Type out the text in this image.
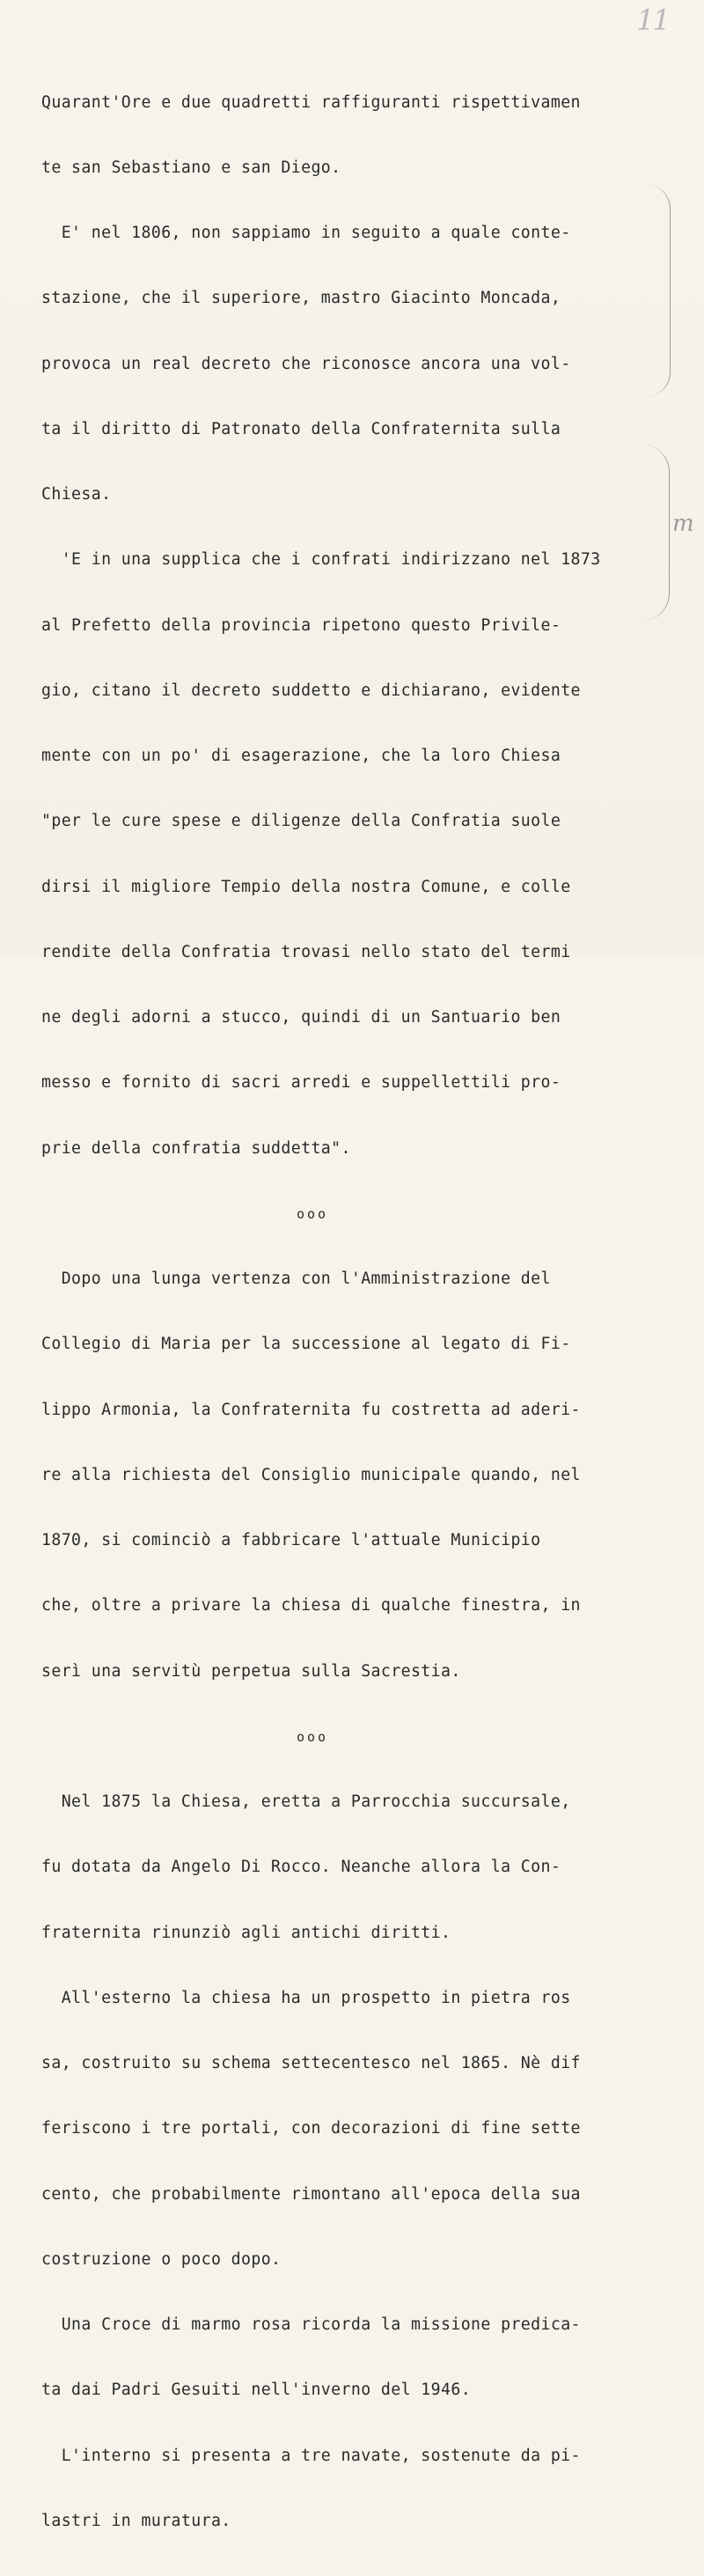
11
m

Quarant'Ore e due quadretti raffiguranti rispettivamen

te san Sebastiano e san Diego.

E' nel 1806, non sappiamo in seguito a quale conte-

stazione, che il superiore, mastro Giacinto Moncada,

provoca un real decreto che riconosce ancora una vol-

ta il diritto di Patronato della Confraternita sulla

Chiesa.

'E in una supplica che i confrati indirizzano nel 1873

al Prefetto della provincia ripetono questo Privile-

gio, citano il decreto suddetto e dichiarano, evidente

mente con un po' di esagerazione, che la loro Chiesa

"per le cure spese e diligenze della Confratia suole

dirsi il migliore Tempio della nostra Comune, e colle

rendite della Confratia trovasi nello stato del termi

ne degli adorni a stucco, quindi di un Santuario ben

messo e fornito di sacri arredi e suppellettili pro-

prie della confratia suddetta".

ooo

Dopo una lunga vertenza con l'Amministrazione del

Collegio di Maria per la successione al legato di Fi-

lippo Armonia, la Confraternita fu costretta ad aderi-

re alla richiesta del Consiglio municipale quando, nel

1870, si cominciò a fabbricare l'attuale Municipio

che, oltre a privare la chiesa di qualche finestra, in

serì una servitù perpetua sulla Sacrestia.

ooo

Nel 1875 la Chiesa, eretta a Parrocchia succursale,

fu dotata da Angelo Di Rocco. Neanche allora la Con-

fraternita rinunziò agli antichi diritti.

All'esterno la chiesa ha un prospetto in pietra ros

sa, costruito su schema settecentesco nel 1865. Nè dif

feriscono i tre portali, con decorazioni di fine sette

cento, che probabilmente rimontano all'epoca della sua

costruzione o poco dopo.

Una Croce di marmo rosa ricorda la missione predica-

ta dai Padri Gesuiti nell'inverno del 1946.

L'interno si presenta a tre navate, sostenute da pi-

lastri in muratura.
